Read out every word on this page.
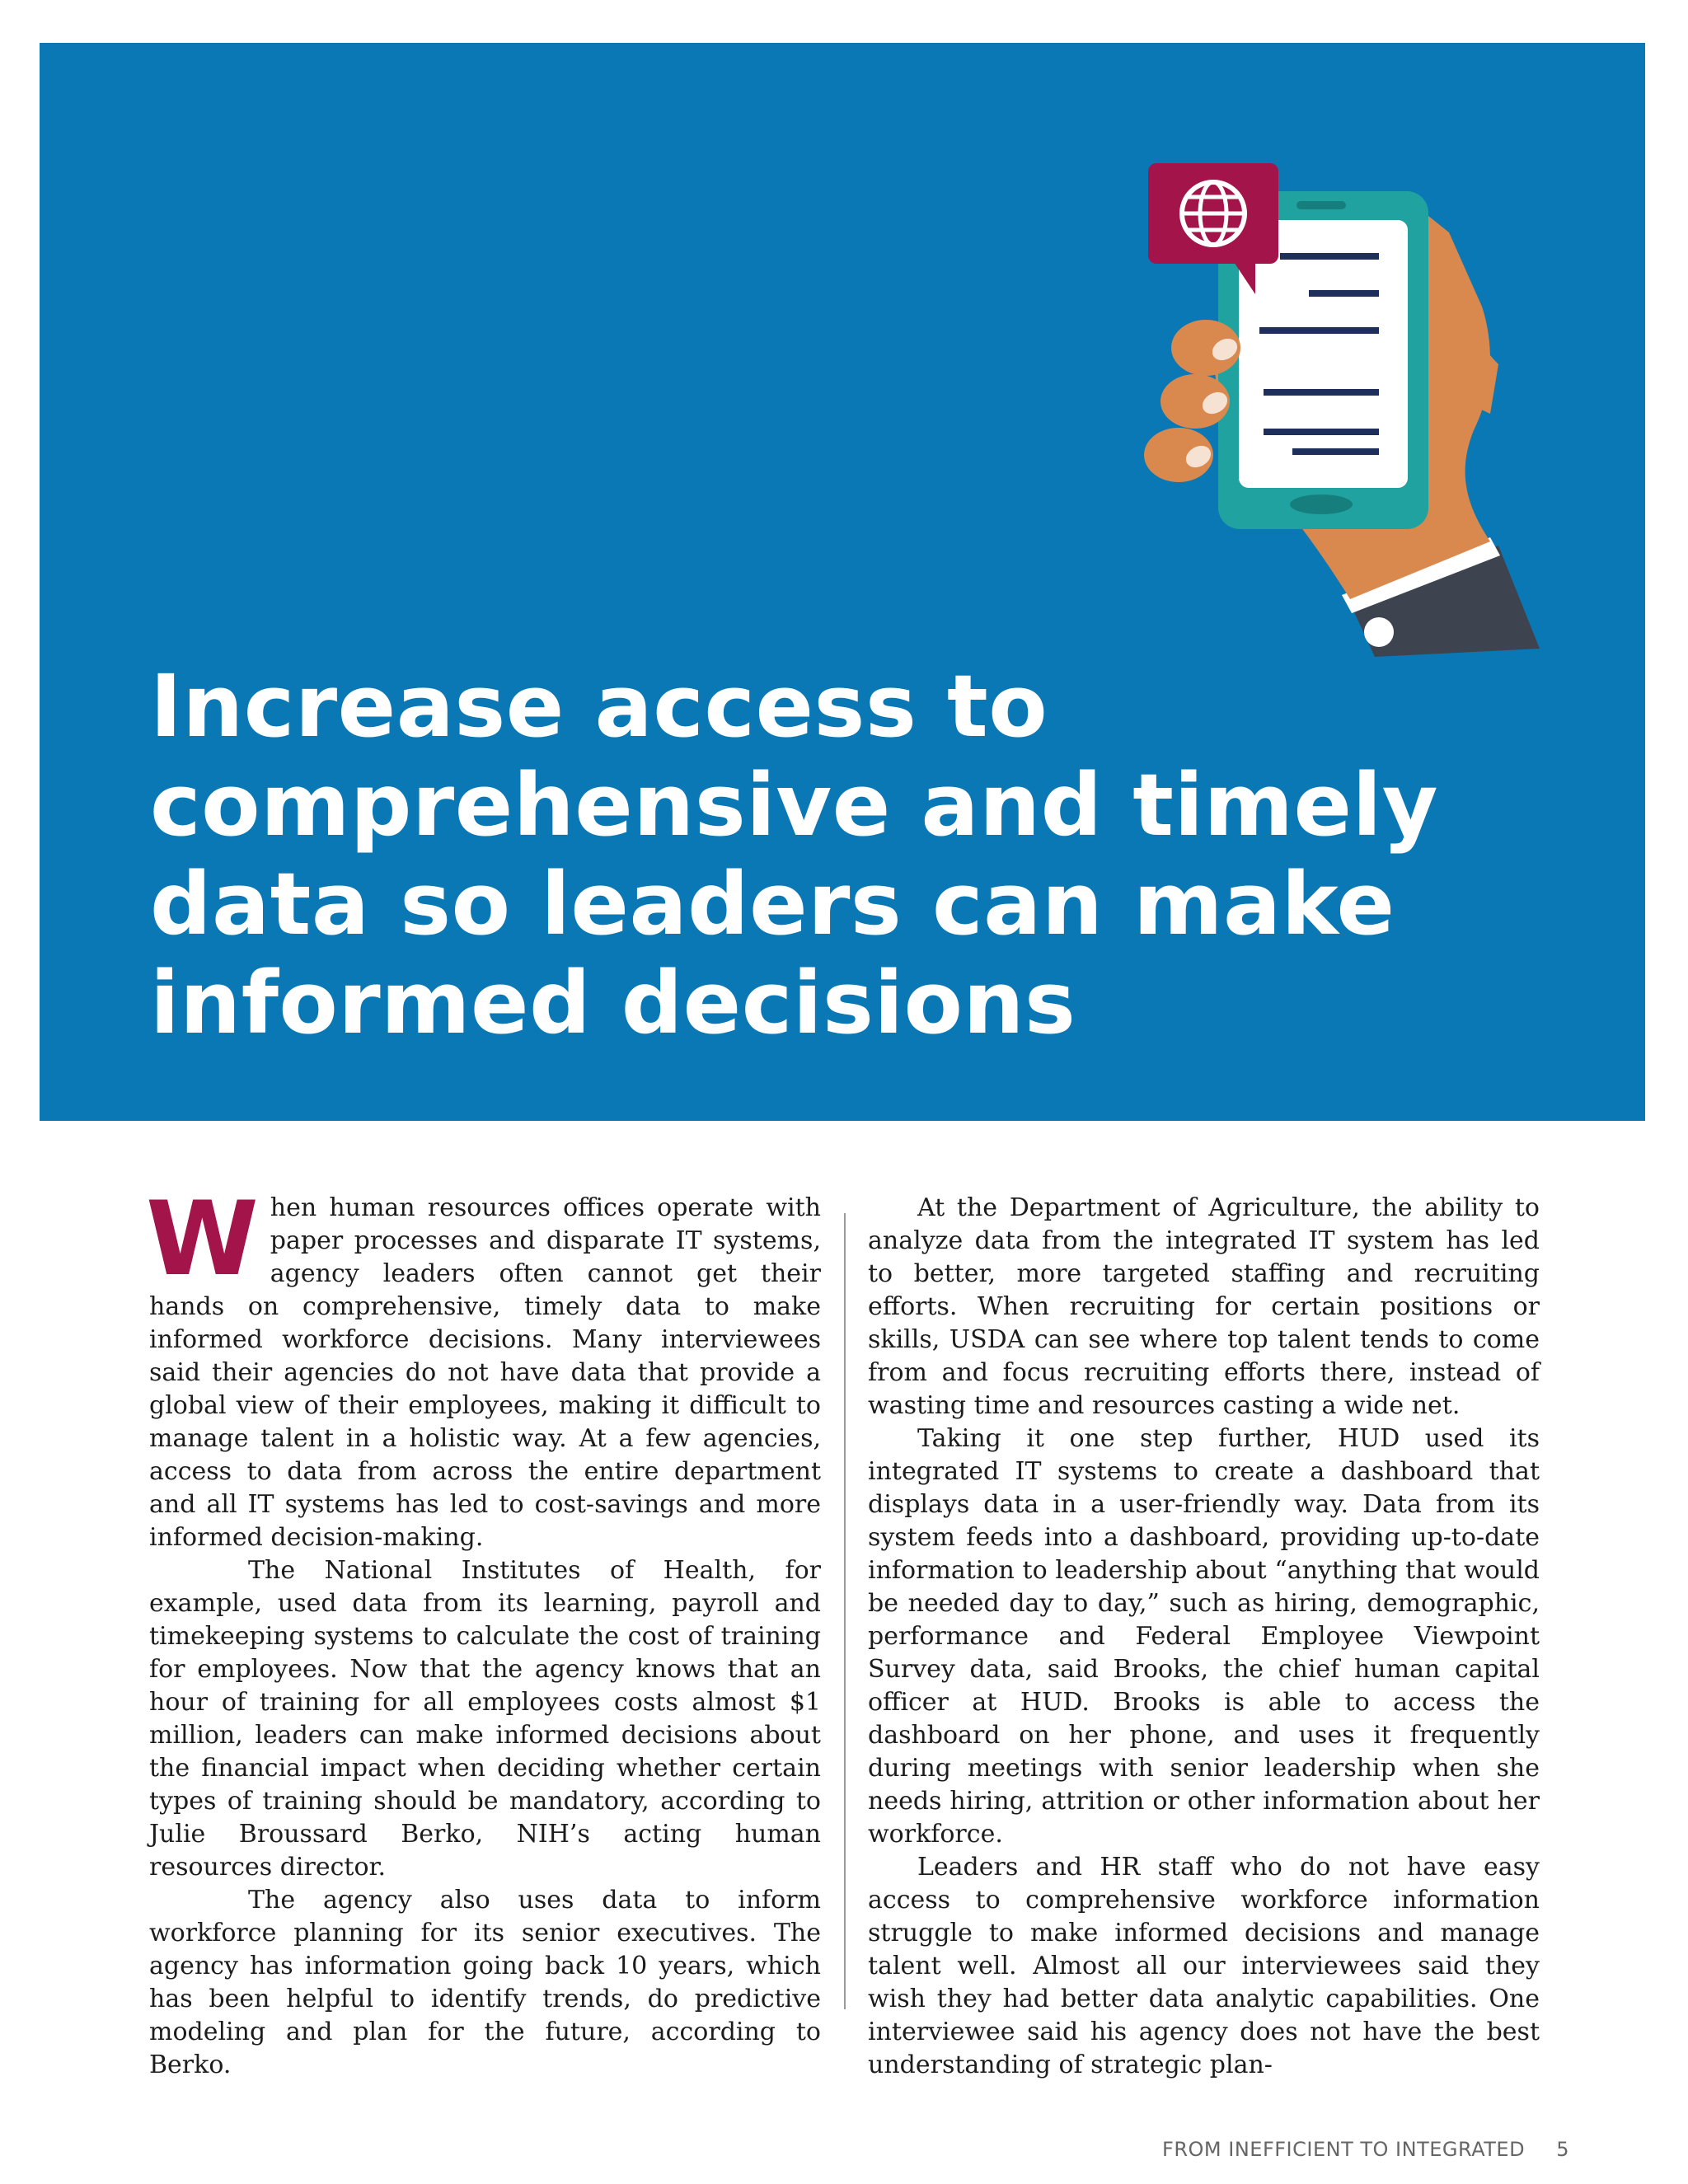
Increase access to
comprehensive and timely
data so leaders can make
informed decisions

When human resources offices operate with paper processes and disparate IT systems, agency leaders often cannot get their hands on comprehensive, timely data to make informed workforce decisions. Many interviewees said their agencies do not have data that provide a global view of their employees, making it difficult to manage talent in a holistic way. At a few agencies, access to data from across the entire department and all IT systems has led to cost-savings and more informed decision-making.

The National Institutes of Health, for example, used data from its learning, payroll and timekeeping systems to calculate the cost of training for employees. Now that the agency knows that an hour of training for all employees costs almost $1 million, leaders can make informed decisions about the financial impact when deciding whether certain types of training should be mandatory, according to Julie Broussard Berko, NIH’s acting human resources director.

The agency also uses data to inform workforce planning for its senior executives. The agency has information going back 10 years, which has been helpful to identify trends, do predictive modeling and plan for the future, according to Berko.

At the Department of Agriculture, the ability to analyze data from the integrated IT system has led to better, more targeted staffing and recruiting efforts. When recruiting for certain positions or skills, USDA can see where top talent tends to come from and focus recruiting efforts there, instead of wasting time and resources casting a wide net.

Taking it one step further, HUD used its integrated IT systems to create a dashboard that displays data in a user-friendly way. Data from its system feeds into a dashboard, providing up-to-date information to leadership about “anything that would be needed day to day,” such as hiring, demographic, performance and Federal Employee Viewpoint Survey data, said Brooks, the chief human capital officer at HUD. Brooks is able to access the dashboard on her phone, and uses it frequently during meetings with senior leadership when she needs hiring, attrition or other information about her workforce.

Leaders and HR staff who do not have easy access to comprehensive workforce information struggle to make informed decisions and manage talent well. Almost all our interviewees said they wish they had better data analytic capabilities. One interviewee said his agency does not have the best understanding of strategic plan-

FROM INEFFICIENT TO INTEGRATED 5
